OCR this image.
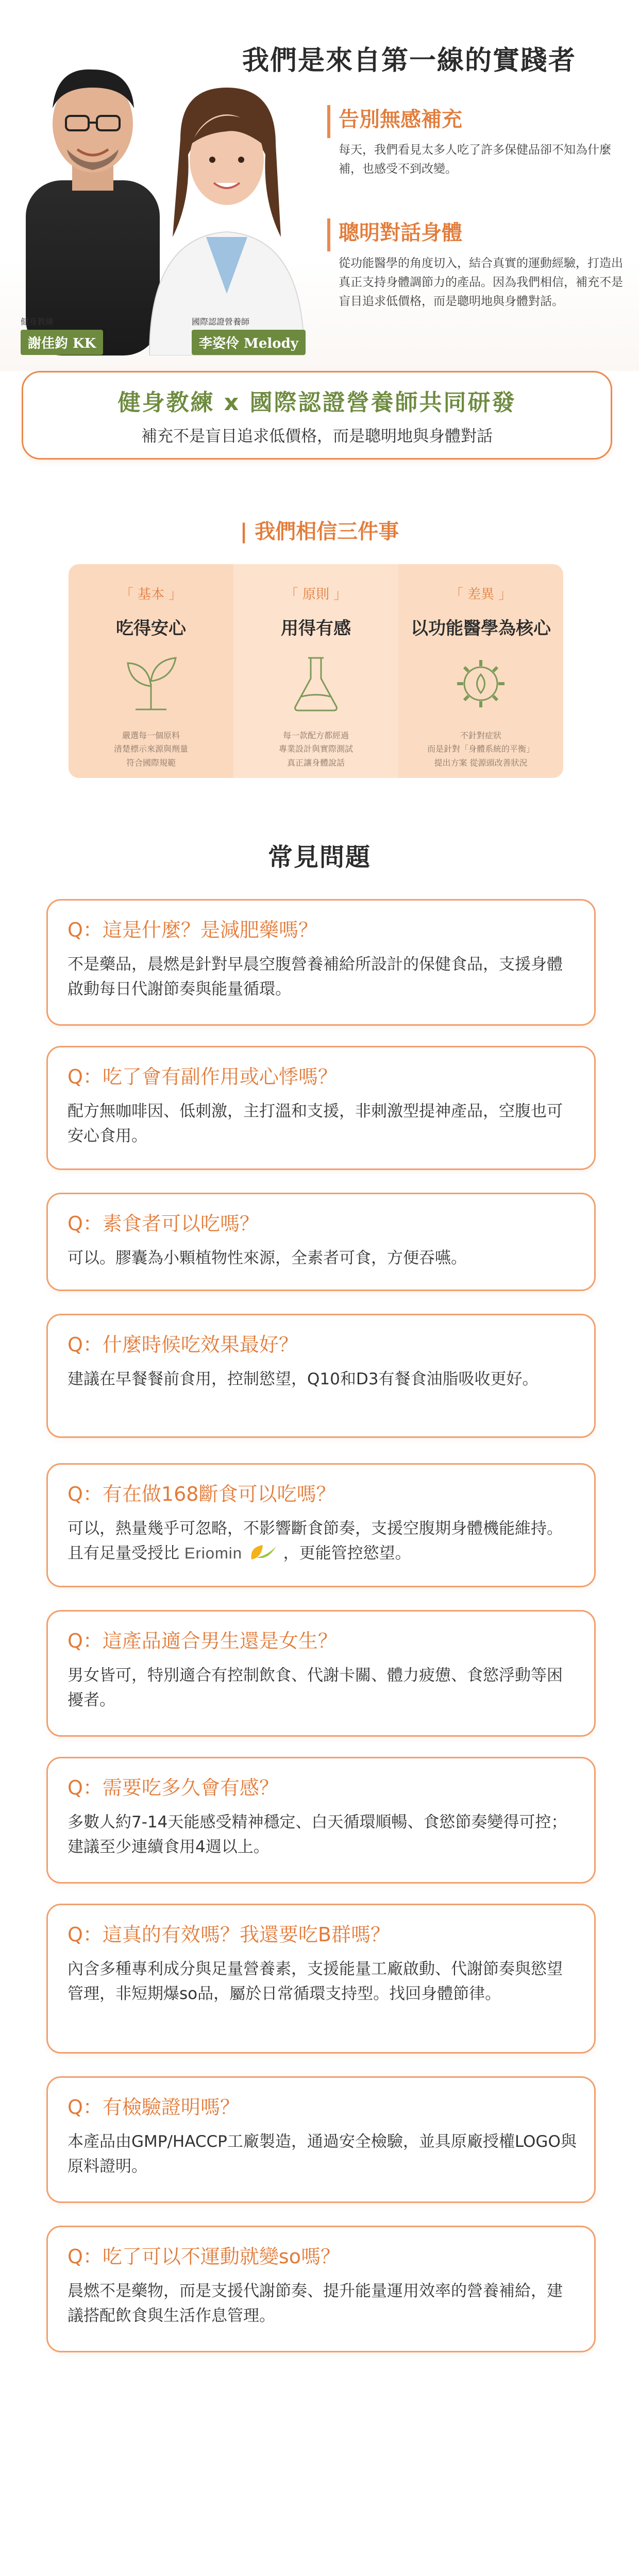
我們是來自第一線的實踐者
健身教練
謝佳鈞 KK
國際認證營養師
李姿伶 Melody
告別無感補充
每天，我們看見太多人吃了許多保健品卻不知為什麼補，也感受不到改變。
聰明對話身體
從功能醫學的角度切入，結合真實的運動經驗，打造出真正支持身體調節力的產品。因為我們相信，補充不是盲目追求低價格，而是聰明地與身體對話。
健身教練 x 國際認證營養師共同研發
補充不是盲目追求低價格，而是聰明地與身體對話
| 我們相信三件事
「 基本 」
吃得安心
嚴選每一個原料
清楚標示來源與劑量
符合國際規範
「 原則 」
用得有感
每一款配方都經過
專業設計與實際測試
真正讓身體說話
「 差異 」
以功能醫學為核心
不針對症狀
而是針對「身體系統的平衡」
提出方案 從源頭改善狀況
常見問題
Q：這是什麼？是減肥藥嗎？
不是藥品，晨燃是針對早晨空腹營養補給所設計的保健食品，支援身體啟動每日代謝節奏與能量循環。
Q：吃了會有副作用或心悸嗎？
配方無咖啡因、低刺激，主打溫和支援，非刺激型提神產品，空腹也可安心食用。
Q：素食者可以吃嗎？
可以。膠囊為小顆植物性來源，全素者可食，方便吞嚥。
Q：什麼時候吃效果最好？
建議在早餐餐前食用，控制慾望，Q10和D3有餐食油脂吸收更好。
Q：有在做168斷食可以吃嗎？
可以，熱量幾乎可忽略，不影響斷食節奏，支援空腹期身體機能維持。且有足量受授比 Eriomin	，更能管控慾望。
Q：這產品適合男生還是女生？
男女皆可，特別適合有控制飲食、代謝卡關、體力疲憊、食慾浮動等困擾者。
Q：需要吃多久會有感？
多數人約7-14天能感受精神穩定、白天循環順暢、食慾節奏變得可控；建議至少連續食用4週以上。
Q：這真的有效嗎？我還要吃B群嗎？
內含多種專利成分與足量營養素，支援能量工廠啟動、代謝節奏與慾望管理，非短期爆so品，屬於日常循環支持型。找回身體節律。
Q：有檢驗證明嗎？
本產品由GMP/HACCP工廠製造，通過安全檢驗，並具原廠授權LOGO與原料證明。
Q：吃了可以不運動就變so嗎？
晨燃不是藥物，而是支援代謝節奏、提升能量運用效率的營養補給，建議搭配飲食與生活作息管理。
